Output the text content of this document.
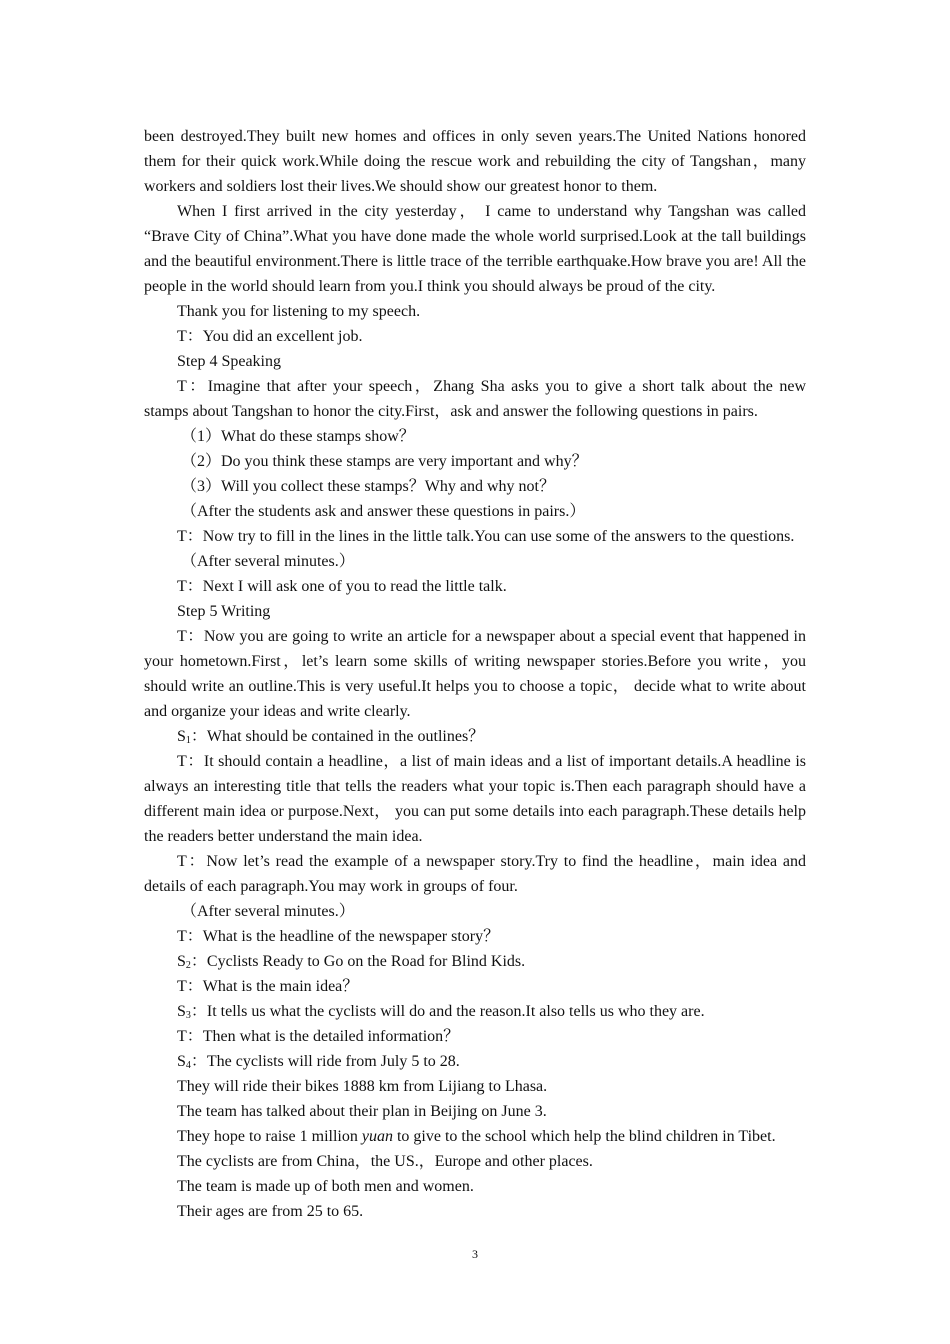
been destroyed.They built new homes and offices in only seven years.The United Nations honored them for their quick work.While doing the rescue work and rebuilding the city of Tangshan，many workers and soldiers lost their lives.We should show our greatest honor to them.

When I first arrived in the city yesterday， I came to understand why Tangshan was called “Brave City of China”.What you have done made the whole world surprised.Look at the tall buildings and the beautiful environment.There is little trace of the terrible earthquake.How brave you are! All the people in the world should learn from you.I think you should always be proud of the city.

Thank you for listening to my speech.

T：You did an excellent job.

Step 4 Speaking

T：Imagine that after your speech，Zhang Sha asks you to give a short talk about the new stamps about Tangshan to honor the city.First，ask and answer the following questions in pairs.

（1）What do these stamps show？

（2）Do you think these stamps are very important and why？

（3）Will you collect these stamps？Why and why not？

（After the students ask and answer these questions in pairs.）

T：Now try to fill in the lines in the little talk.You can use some of the answers to the questions.

（After several minutes.）

T：Next I will ask one of you to read the little talk.

Step 5 Writing

T：Now you are going to write an article for a newspaper about a special event that happened in your hometown.First，let’s learn some skills of writing newspaper stories.Before you write，you should write an outline.This is very useful.It helps you to choose a topic， decide what to write about and organize your ideas and write clearly.

$S_1$：What should be contained in the outlines？

T：It should contain a headline，a list of main ideas and a list of important details.A headline is always an interesting title that tells the readers what your topic is.Then each paragraph should have a different main idea or purpose.Next， you can put some details into each paragraph.These details help the readers better understand the main idea.

T：Now let’s read the example of a newspaper story.Try to find the headline，main idea and details of each paragraph.You may work in groups of four.

（After several minutes.）

T：What is the headline of the newspaper story？

$S_2$：Cyclists Ready to Go on the Road for Blind Kids.

T：What is the main idea？

$S_3$：It tells us what the cyclists will do and the reason.It also tells us who they are.

T：Then what is the detailed information？

$S_4$：The cyclists will ride from July 5 to 28.

They will ride their bikes 1888 km from Lijiang to Lhasa.

The team has talked about their plan in Beijing on June 3.

They hope to raise 1 million yuan to give to the school which help the blind children in Tibet.

The cyclists are from China，the US.，Europe and other places.

The team is made up of both men and women.

Their ages are from 25 to 65.

3
